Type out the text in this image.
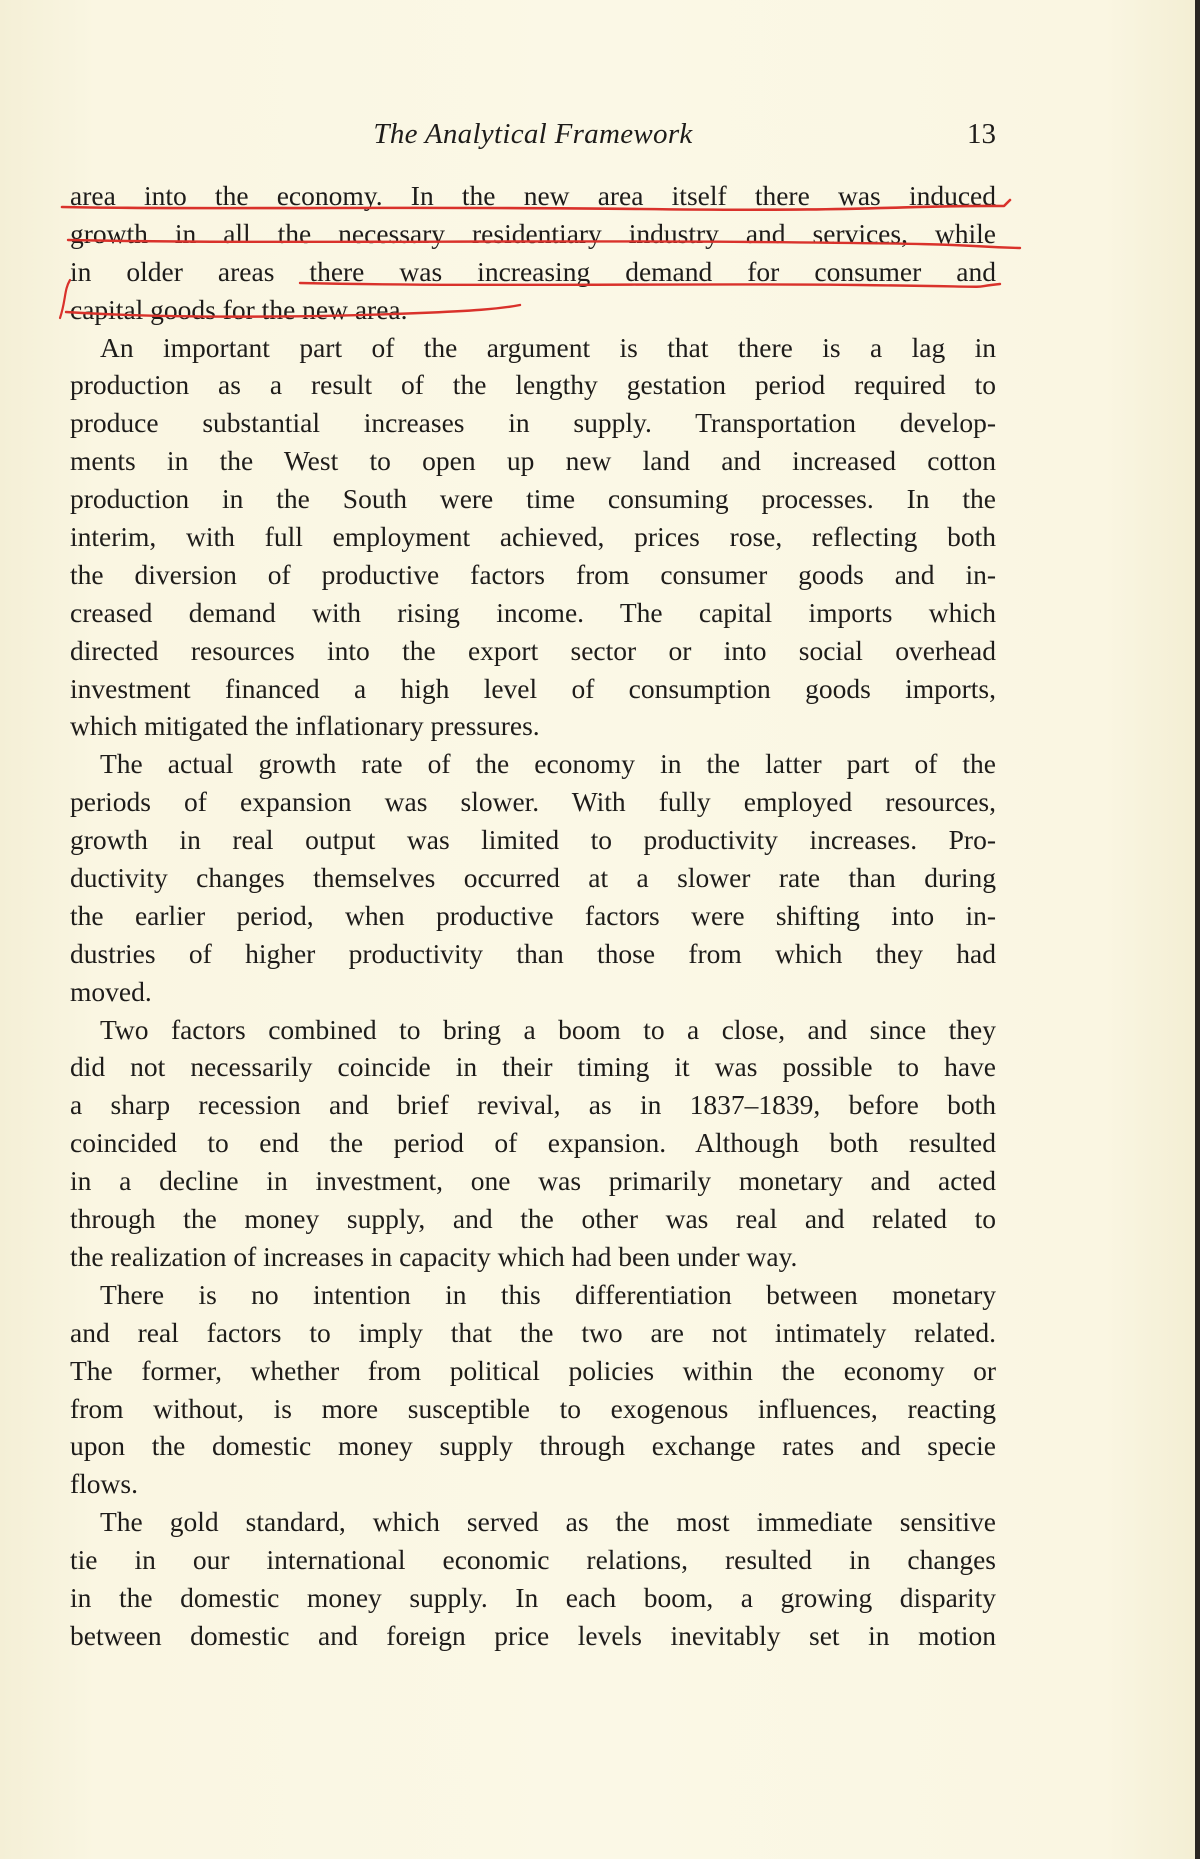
The Analytical Framework	13
area into the economy. In the new area itself there was induced
growth in all the necessary residentiary industry and services, while
in older areas there was increasing demand for consumer and
capital goods for the new area.
An important part of the argument is that there is a lag in
production as a result of the lengthy gestation period required to
produce substantial increases in supply. Transportation develop-
ments in the West to open up new land and increased cotton
production in the South were time consuming processes. In the
interim, with full employment achieved, prices rose, reflecting both
the diversion of productive factors from consumer goods and in-
creased demand with rising income. The capital imports which
directed resources into the export sector or into social overhead
investment financed a high level of consumption goods imports,
which mitigated the inflationary pressures.
The actual growth rate of the economy in the latter part of the
periods of expansion was slower. With fully employed resources,
growth in real output was limited to productivity increases. Pro-
ductivity changes themselves occurred at a slower rate than during
the earlier period, when productive factors were shifting into in-
dustries of higher productivity than those from which they had
moved.
Two factors combined to bring a boom to a close, and since they
did not necessarily coincide in their timing it was possible to have
a sharp recession and brief revival, as in 1837–1839, before both
coincided to end the period of expansion. Although both resulted
in a decline in investment, one was primarily monetary and acted
through the money supply, and the other was real and related to
the realization of increases in capacity which had been under way.
There is no intention in this differentiation between monetary
and real factors to imply that the two are not intimately related.
The former, whether from political policies within the economy or
from without, is more susceptible to exogenous influences, reacting
upon the domestic money supply through exchange rates and specie
flows.
The gold standard, which served as the most immediate sensitive
tie in our international economic relations, resulted in changes
in the domestic money supply. In each boom, a growing disparity
between domestic and foreign price levels inevitably set in motion
